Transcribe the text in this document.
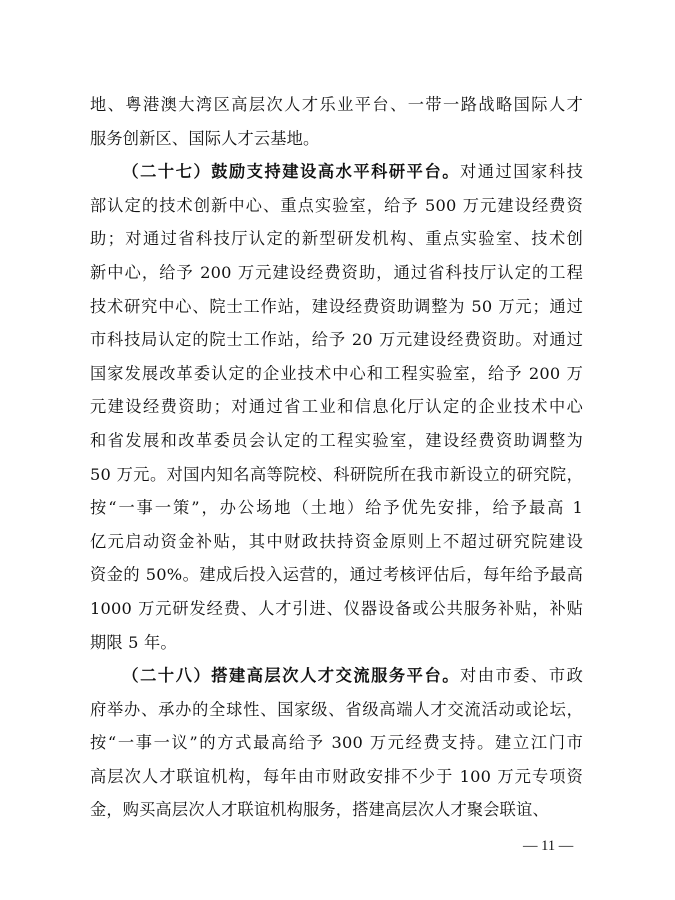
地、粤港澳大湾区高层次人才乐业平台、一带一路战略国际人才
服务创新区、国际人才云基地。
（二十七）鼓励支持建设高水平科研平台。对通过国家科技
部认定的技术创新中心、重点实验室，给予 500 万元建设经费资
助；对通过省科技厅认定的新型研发机构、重点实验室、技术创
新中心，给予 200 万元建设经费资助，通过省科技厅认定的工程
技术研究中心、院士工作站，建设经费资助调整为 50 万元；通过
市科技局认定的院士工作站，给予 20 万元建设经费资助。对通过
国家发展改革委认定的企业技术中心和工程实验室，给予 200 万
元建设经费资助；对通过省工业和信息化厅认定的企业技术中心
和省发展和改革委员会认定的工程实验室，建设经费资助调整为
50 万元。对国内知名高等院校、科研院所在我市新设立的研究院，
按“一事一策”，办公场地（土地）给予优先安排，给予最高 1
亿元启动资金补贴，其中财政扶持资金原则上不超过研究院建设
资金的 50%。建成后投入运营的，通过考核评估后，每年给予最高
1000 万元研发经费、人才引进、仪器设备或公共服务补贴，补贴
期限 5 年。
（二十八）搭建高层次人才交流服务平台。对由市委、市政
府举办、承办的全球性、国家级、省级高端人才交流活动或论坛，
按“一事一议”的方式最高给予 300 万元经费支持。建立江门市
高层次人才联谊机构，每年由市财政安排不少于 100 万元专项资
金，购买高层次人才联谊机构服务，搭建高层次人才聚会联谊、
— 11 —
